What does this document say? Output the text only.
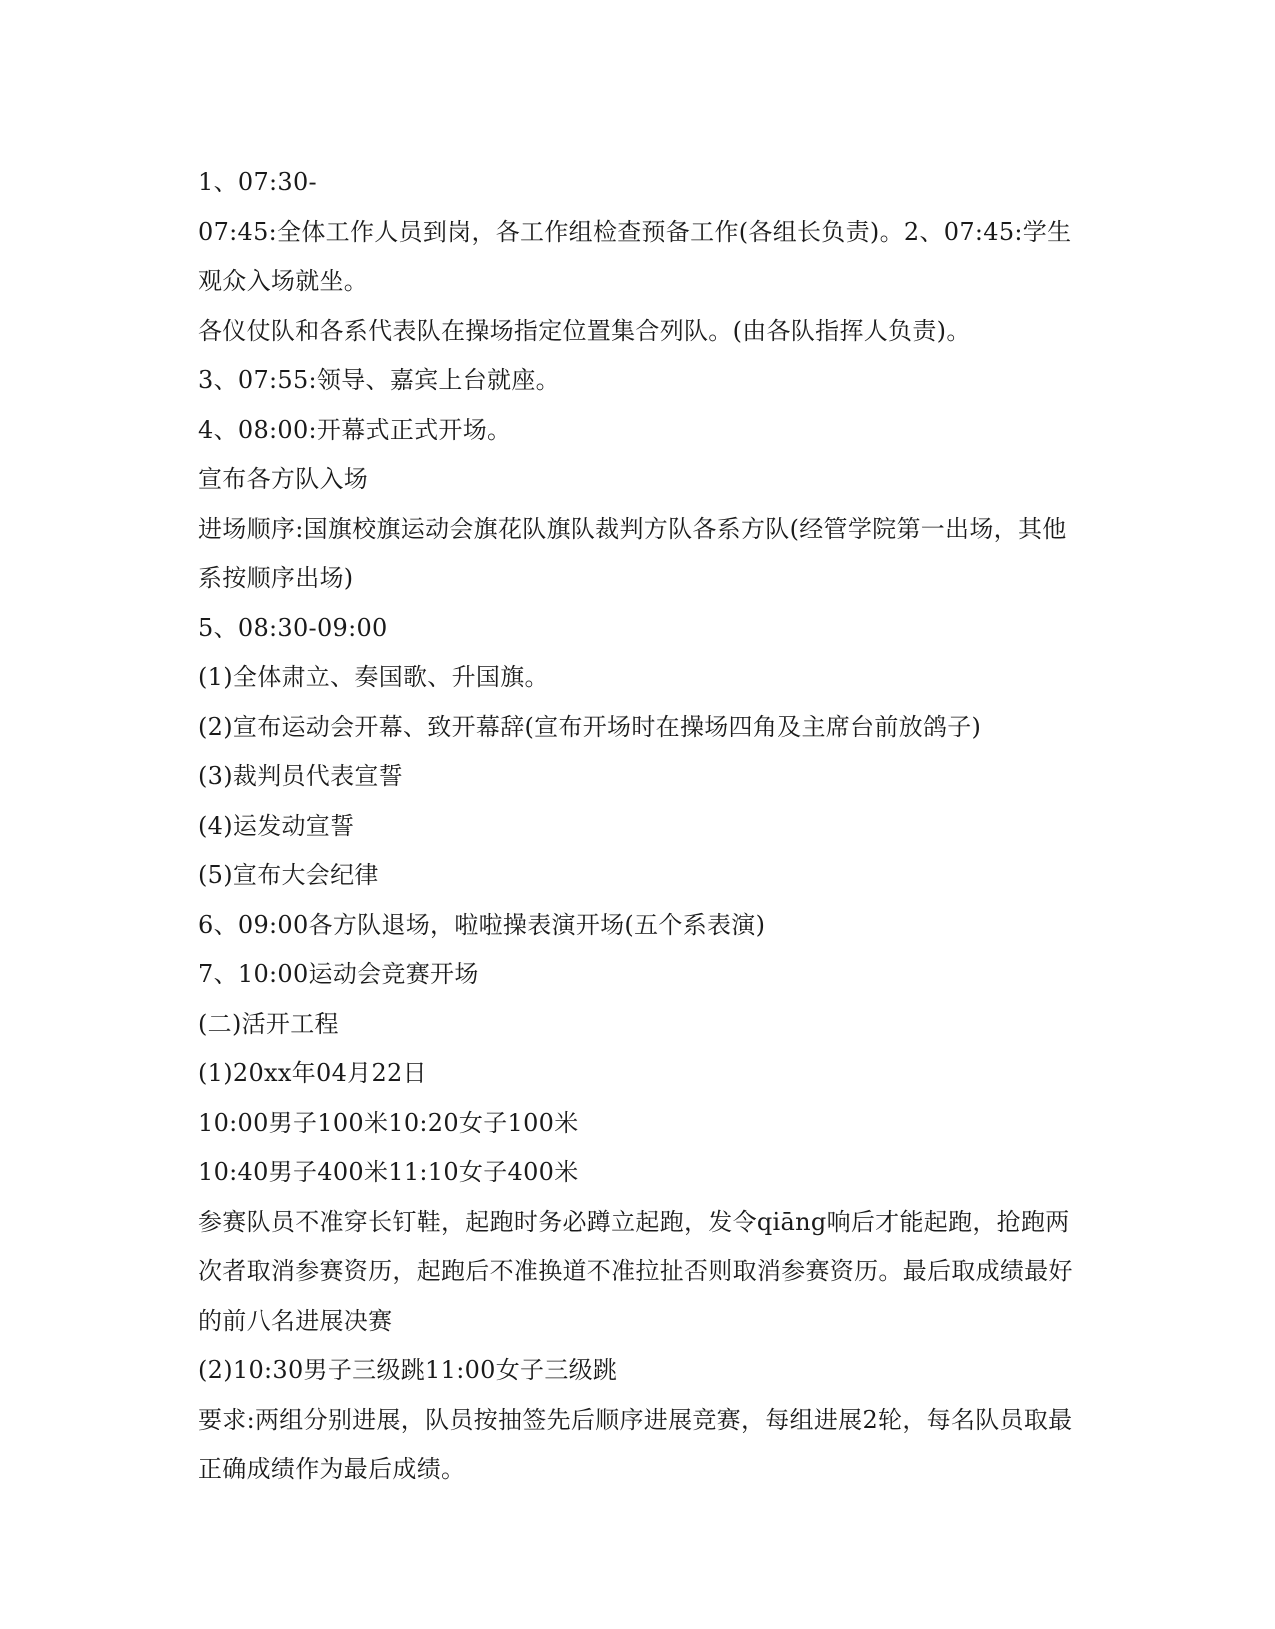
1、07:30-

07:45:全体工作人员到岗，各工作组检查预备工作(各组长负责)。2、07:45:学生观众入场就坐。

各仪仗队和各系代表队在操场指定位置集合列队。(由各队指挥人负责)。

3、07:55:领导、嘉宾上台就座。

4、08:00:开幕式正式开场。

宣布各方队入场

进场顺序:国旗校旗运动会旗花队旗队裁判方队各系方队(经管学院第一出场，其他系按顺序出场)

5、08:30-09:00

(1)全体肃立、奏国歌、升国旗。

(2)宣布运动会开幕、致开幕辞(宣布开场时在操场四角及主席台前放鸽子)

(3)裁判员代表宣誓

(4)运发动宣誓

(5)宣布大会纪律

6、09:00各方队退场，啦啦操表演开场(五个系表演)

7、10:00运动会竞赛开场

(二)活开工程

(1)20xx年04月22日

10:00男子100米10:20女子100米

10:40男子400米11:10女子400米

参赛队员不准穿长钉鞋，起跑时务必蹲立起跑，发令qiāng响后才能起跑，抢跑两次者取消参赛资历，起跑后不准换道不准拉扯否则取消参赛资历。最后取成绩最好的前八名进展决赛

(2)10:30男子三级跳11:00女子三级跳

要求:两组分别进展，队员按抽签先后顺序进展竞赛，每组进展2轮，每名队员取最正确成绩作为最后成绩。
